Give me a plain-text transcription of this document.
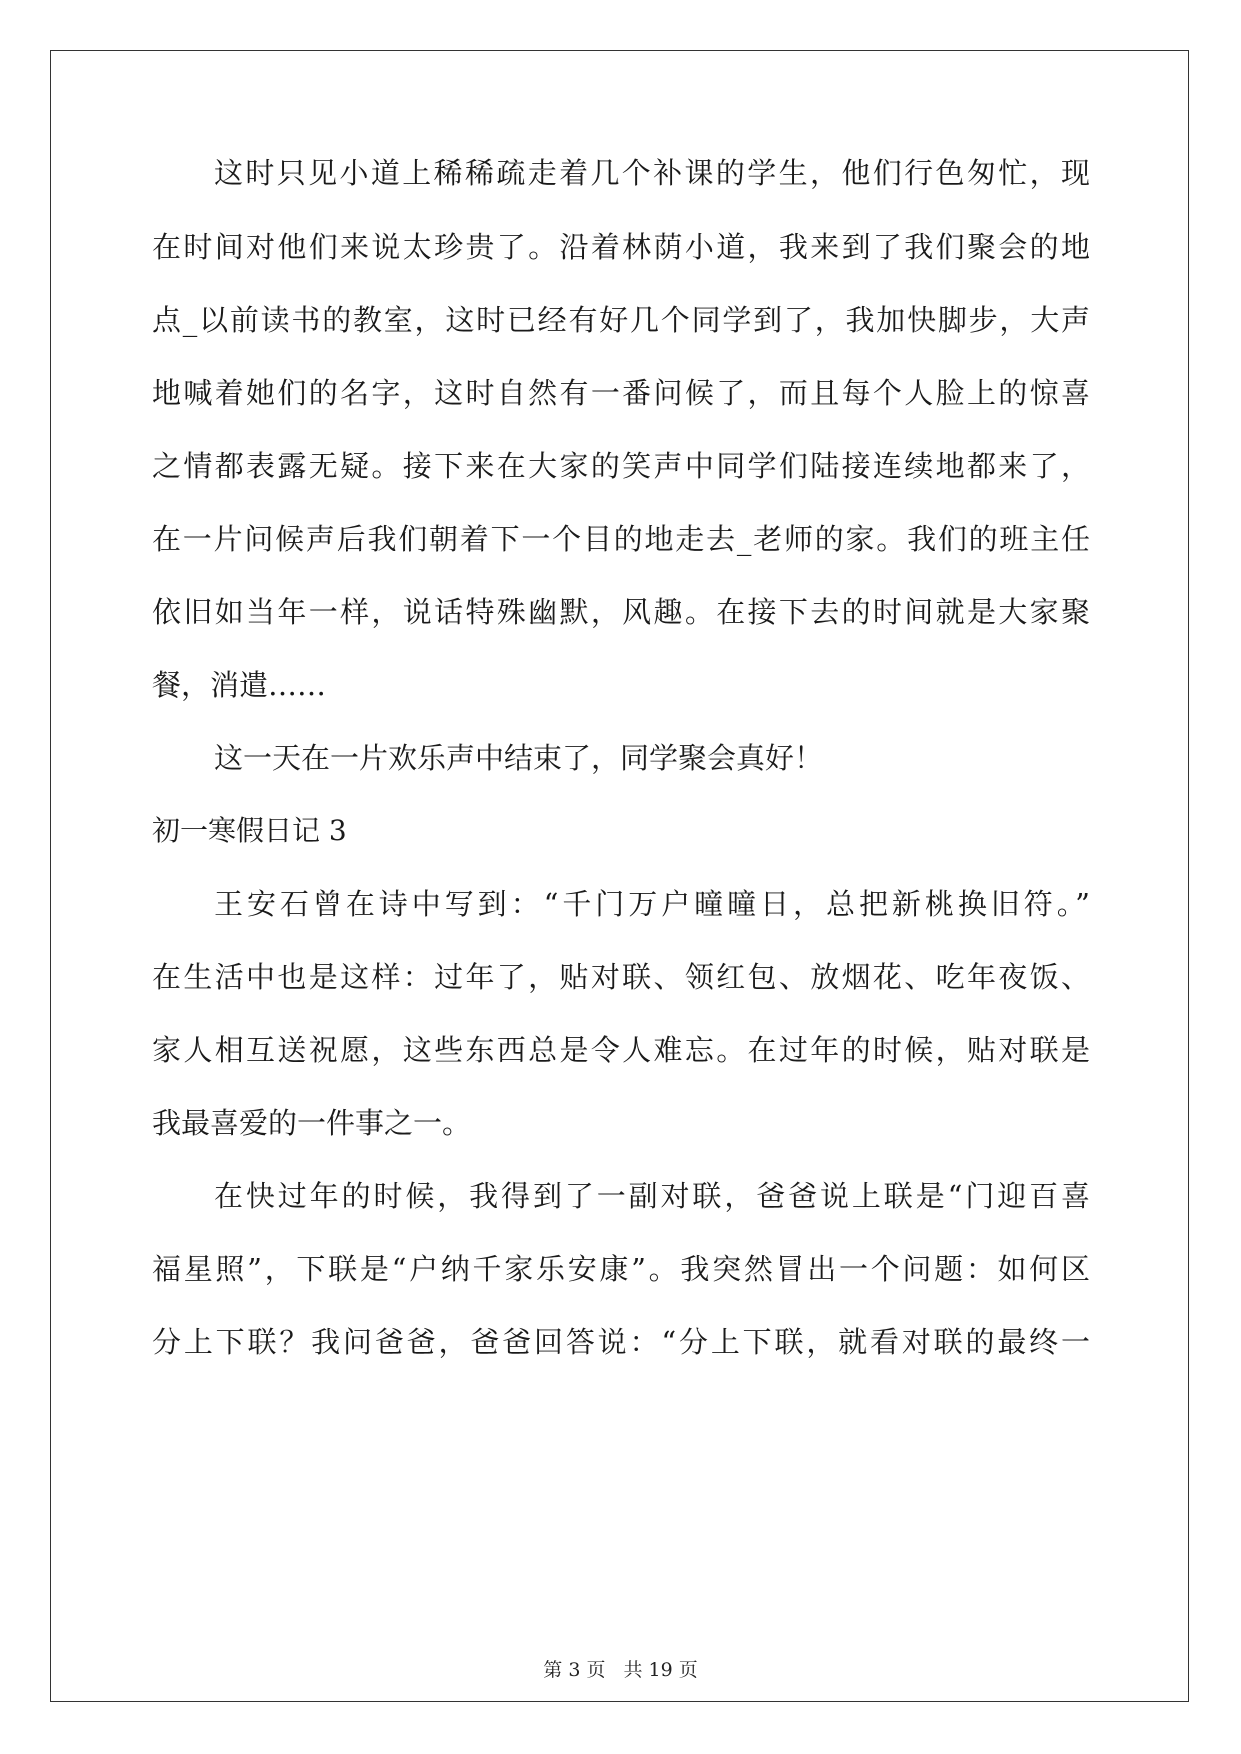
这时只见小道上稀稀疏走着几个补课的学生，他们行色匆忙，现
在时间对他们来说太珍贵了。沿着林荫小道，我来到了我们聚会的地
点_以前读书的教室，这时已经有好几个同学到了，我加快脚步，大声
地喊着她们的名字，这时自然有一番问候了，而且每个人脸上的惊喜
之情都表露无疑。接下来在大家的笑声中同学们陆接连续地都来了，
在一片问候声后我们朝着下一个目的地走去_老师的家。我们的班主任
依旧如当年一样，说话特殊幽默，风趣。在接下去的时间就是大家聚
餐，消遣……
这一天在一片欢乐声中结束了，同学聚会真好！
初一寒假日记 3
王安石曾在诗中写到：“千门万户曈曈日，总把新桃换旧符。”
在生活中也是这样：过年了，贴对联、领红包、放烟花、吃年夜饭、
家人相互送祝愿，这些东西总是令人难忘。在过年的时候，贴对联是
我最喜爱的一件事之一。
在快过年的时候，我得到了一副对联，爸爸说上联是“门迎百喜
福星照”，下联是“户纳千家乐安康”。我突然冒出一个问题：如何区
分上下联？我问爸爸，爸爸回答说：“分上下联，就看对联的最终一
第 3 页 共 19 页
